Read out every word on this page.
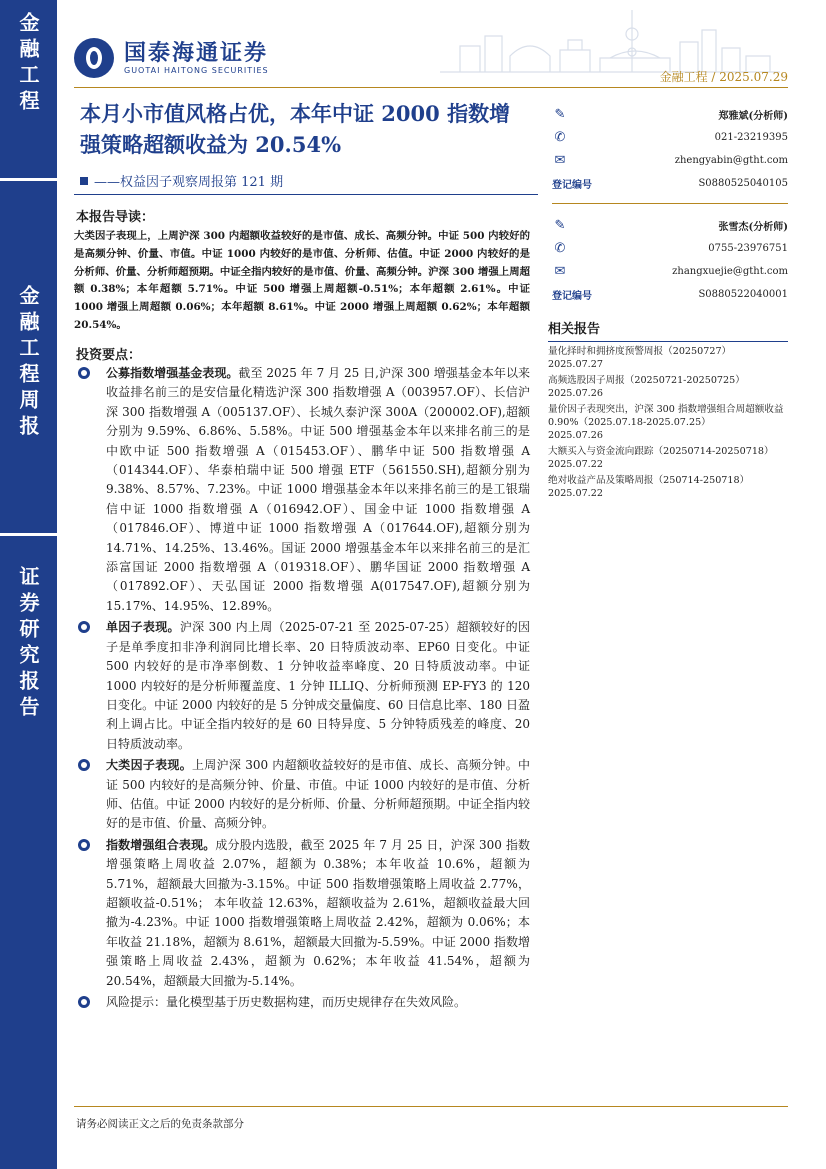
金融工程
金融工程周报
证券研究报告
国泰海通证券
GUOTAI HAITONG SECURITIES	金融工程 / 2025.07.29
本月小市值风格占优，本年中证 2000 指数增强策略超额收益为 20.54%
——权益因子观察周报第 121 期
✎	郑雅斌(分析师)
✆	021-23219395
✉	zhengyabin@gtht.com
登记编号	S0880525040105
✎	张雪杰(分析师)
✆	0755-23976751
✉	zhangxuejie@gtht.com
登记编号	S0880522040001
相关报告
量化择时和拥挤度预警周报（20250727）
2025.07.27
高频选股因子周报（20250721-20250725）
2025.07.26
量价因子表现突出，沪深 300 指数增强组合周超额收益 0.90%（2025.07.18-2025.07.25）
2025.07.26
大额买入与资金流向跟踪（20250714-20250718）
2025.07.22
绝对收益产品及策略周报（250714-250718）
2025.07.22
本报告导读：
大类因子表现上，上周沪深 300 内超额收益较好的是市值、成长、高频分钟。中证 500 内较好的是高频分钟、价量、市值。中证 1000 内较好的是市值、分析师、估值。中证 2000 内较好的是分析师、价量、分析师超预期。中证全指内较好的是市值、价量、高频分钟。沪深 300 增强上周超额 0.38%；本年超额 5.71%。中证 500 增强上周超额-0.51%；本年超额 2.61%。中证 1000 增强上周超额 0.06%；本年超额 8.61%。中证 2000 增强上周超额 0.62%；本年超额 20.54%。
投资要点：
公募指数增强基金表现。截至 2025 年 7 月 25 日,沪深 300 增强基金本年以来收益排名前三的是安信量化精选沪深 300 指数增强 A（003957.OF）、长信沪深 300 指数增强 A（005137.OF）、长城久泰沪深 300A（200002.OF),超额分别为 9.59%、6.86%、5.58%。中证 500 增强基金本年以来排名前三的是中欧中证 500 指数增强 A（015453.OF）、鹏华中证 500 指数增强 A（014344.OF）、华泰柏瑞中证 500 增强 ETF（561550.SH),超额分别为 9.38%、8.57%、7.23%。中证 1000 增强基金本年以来排名前三的是工银瑞信中证 1000 指数增强 A（016942.OF）、国金中证 1000 指数增强 A（017846.OF）、博道中证 1000 指数增强 A（017644.OF),超额分别为 14.71%、14.25%、13.46%。国证 2000 增强基金本年以来排名前三的是汇添富国证 2000 指数增强 A（019318.OF）、鹏华国证 2000 指数增强 A（017892.OF）、天弘国证 2000 指数增强 A(017547.OF),超额分别为 15.17%、14.95%、12.89%。
单因子表现。沪深 300 内上周（2025-07-21 至 2025-07-25）超额较好的因子是单季度扣非净利润同比增长率、20 日特质波动率、EP60 日变化。中证 500 内较好的是市净率倒数、1 分钟收益率峰度、20 日特质波动率。中证 1000 内较好的是分析师覆盖度、1 分钟 ILLIQ、分析师预测 EP-FY3 的 120 日变化。中证 2000 内较好的是 5 分钟成交量偏度、60 日信息比率、180 日盈利上调占比。中证全指内较好的是 60 日特异度、5 分钟特质残差的峰度、20 日特质波动率。
大类因子表现。上周沪深 300 内超额收益较好的是市值、成长、高频分钟。中证 500 内较好的是高频分钟、价量、市值。中证 1000 内较好的是市值、分析师、估值。中证 2000 内较好的是分析师、价量、分析师超预期。中证全指内较好的是市值、价量、高频分钟。
指数增强组合表现。成分股内选股，截至 2025 年 7 月 25 日，沪深 300 指数增强策略上周收益 2.07%，超额为 0.38%；本年收益 10.6%，超额为 5.71%，超额最大回撤为-3.15%。中证 500 指数增强策略上周收益 2.77%，超额收益-0.51%； 本年收益 12.63%，超额收益为 2.61%，超额收益最大回撤为-4.23%。中证 1000 指数增强策略上周收益 2.42%，超额为 0.06%；本年收益 21.18%，超额为 8.61%，超额最大回撤为-5.59%。中证 2000 指数增强策略上周收益 2.43%，超额为 0.62%；本年收益 41.54%，超额为 20.54%，超额最大回撤为-5.14%。
风险提示：量化模型基于历史数据构建，而历史规律存在失效风险。
请务必阅读正文之后的免责条款部分
